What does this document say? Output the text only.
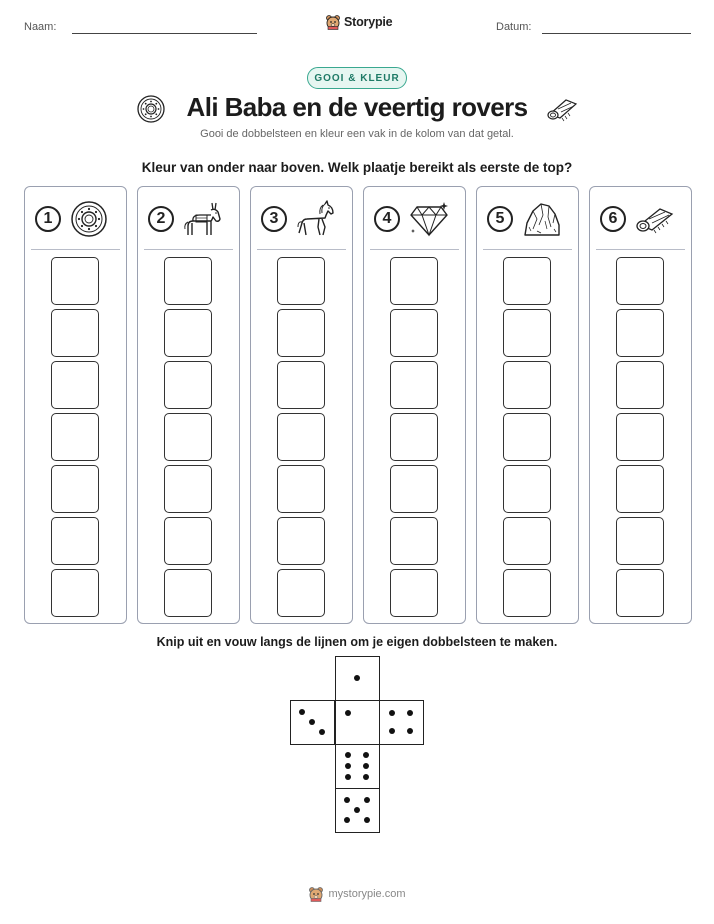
Naam:	Storypie	Datum:
GOOI & KLEUR
Ali Baba en de veertig rovers
Gooi de dobbelsteen en kleur een vak in de kolom van dat getal.
Kleur van onder naar boven. Welk plaatje bereikt als eerste de top?
1	2	3	4	5	6
Knip uit en vouw langs de lijnen om je eigen dobbelsteen te maken.
mystorypie.com
